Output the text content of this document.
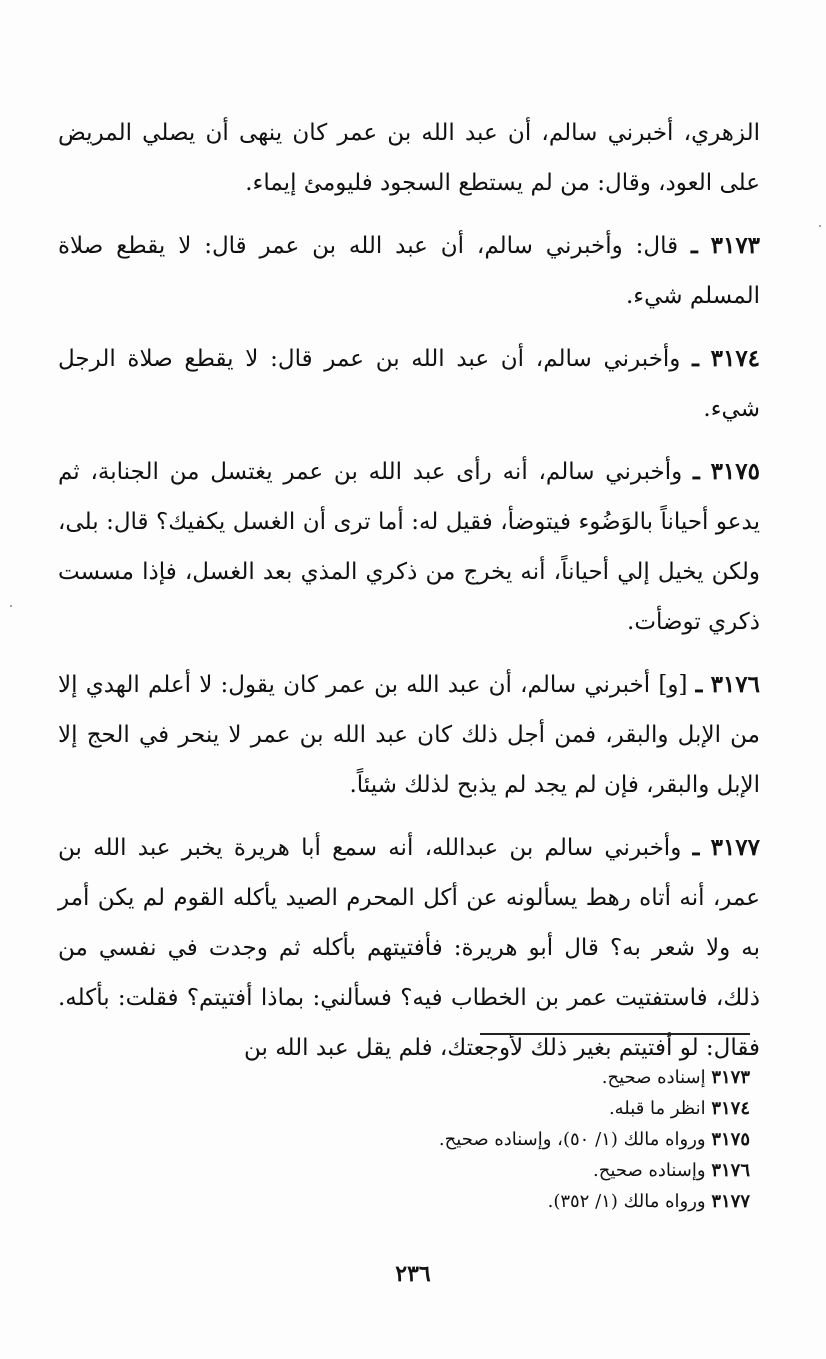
الزهري، أخبرني سالم، أن عبد الله بن عمر كان ينهى أن يصلي المريض على العود، وقال: من لم يستطع السجود فليومئ إيماء.

٣١٧٣ ـ قال: وأخبرني سالم، أن عبد الله بن عمر قال: لا يقطع صلاة المسلم شيء.

٣١٧٤ ـ وأخبرني سالم، أن عبد الله بن عمر قال: لا يقطع صلاة الرجل شيء.

٣١٧٥ ـ وأخبرني سالم، أنه رأى عبد الله بن عمر يغتسل من الجنابة، ثم يدعو أحياناً بالوَضُوء فيتوضأ، فقيل له: أما ترى أن الغسل يكفيك؟ قال: بلى، ولكن يخيل إلي أحياناً، أنه يخرج من ذكري المذي بعد الغسل، فإذا مسست ذكري توضأت.

٣١٧٦ ـ [و] أخبرني سالم، أن عبد الله بن عمر كان يقول: لا أعلم الهدي إلا من الإبل والبقر، فمن أجل ذلك كان عبد الله بن عمر لا ينحر في الحج إلا الإبل والبقر، فإن لم يجد لم يذبح لذلك شيئاً.

٣١٧٧ ـ وأخبرني سالم بن عبدالله، أنه سمع أبا هريرة يخبر عبد الله بن عمر، أنه أتاه رهط يسألونه عن أكل المحرم الصيد يأكله القوم لم يكن أمر به ولا شعر به؟ قال أبو هريرة: فأفتيتهم بأكله ثم وجدت في نفسي من ذلك، فاستفتيت عمر بن الخطاب فيه؟ فسألني: بماذا أفتيتم؟ فقلت: بأكله. فقال: لو أفتيتم بغير ذلك لأوجعتك، فلم يقل عبد الله بن

٣١٧٣ إسناده صحيح.

٣١٧٤ انظر ما قبله.

٣١٧٥ ورواه مالك (١/ ٥٠)، وإسناده صحيح.

٣١٧٦ وإسناده صحيح.

٣١٧٧ ورواه مالك (١/ ٣٥٢).

٢٣٦
